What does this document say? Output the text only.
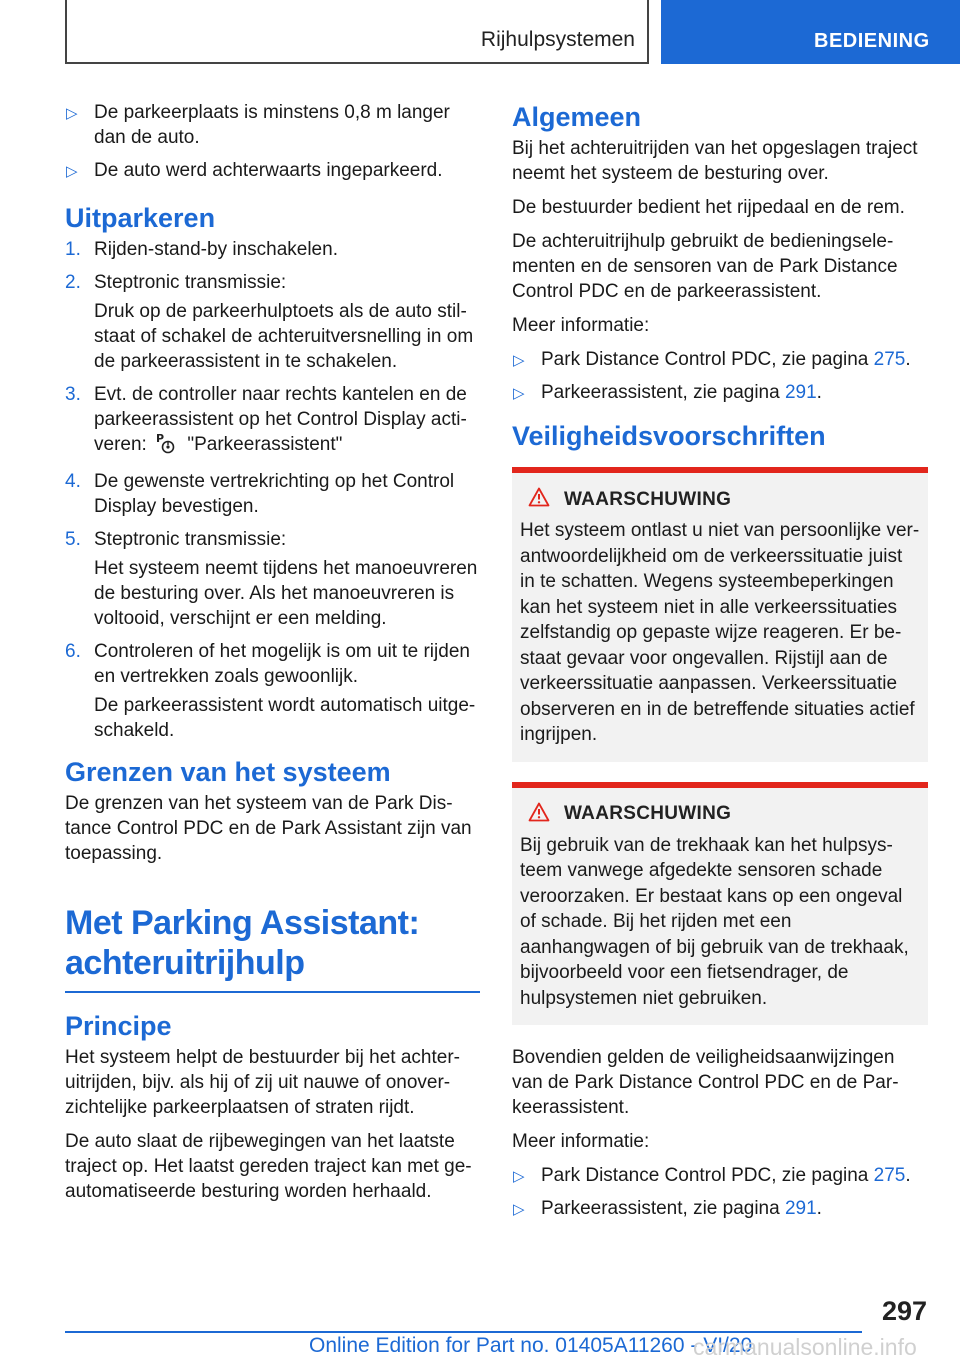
Rijhulpsystemen	BEDIENING
▷ De parkeerplaats is minstens 0,8 m langer dan de auto.
▷ De auto werd achterwaarts ingeparkeerd.
Uitparkeren
1. Rijden-stand-by inschakelen.
2. Steptronic transmissie:
Druk op de parkeerhulptoets als de auto stilstaat of schakel de achteruitversnelling in om de parkeerassistent in te schakelen.
3. Evt. de controller naar rechts kantelen en de parkeerassistent op het Control Display activeren: P "Parkeerassistent"
4. De gewenste vertrekrichting op het Control Display bevestigen.
5. Steptronic transmissie:
Het systeem neemt tijdens het manoeuvreren de besturing over. Als het manoeuvreren is voltooid, verschijnt er een melding.
6. Controleren of het mogelijk is om uit te rijden en vertrekken zoals gewoonlijk.
De parkeerassistent wordt automatisch uitgeschakeld.
Grenzen van het systeem

De grenzen van het systeem van de Park Distance Control PDC en de Park Assistant zijn van toepassing.

Met Parking Assistant:
achteruitrijhulp
Principe

Het systeem helpt de bestuurder bij het achteruitrijden, bijv. als hij of zij uit nauwe of onoverzichtelijke parkeerplaatsen of straten rijdt.

De auto slaat de rijbewegingen van het laatste traject op. Het laatst gereden traject kan met geautomatiseerde besturing worden herhaald.

Algemeen

Bij het achteruitrijden van het opgeslagen traject neemt het systeem de besturing over.

De bestuurder bedient het rijpedaal en de rem.

De achteruitrijhulp gebruikt de bedieningselementen en de sensoren van de Park Distance Control PDC en de parkeerassistent.

Meer informatie:

▷ Park Distance Control PDC, zie pagina 275.
▷ Parkeerassistent, zie pagina 291.
Veiligheidsvoorschriften
WAARSCHUWING

Het systeem ontlast u niet van persoonlijke verantwoordelijkheid om de verkeerssituatie juist in te schatten. Wegens systeembeperkingen kan het systeem niet in alle verkeerssituaties zelfstandig op gepaste wijze reageren. Er bestaat gevaar voor ongevallen. Rijstijl aan de verkeerssituatie aanpassen. Verkeerssituatie observeren en in de betreffende situaties actief ingrijpen.

WAARSCHUWING

Bij gebruik van de trekhaak kan het hulpsysteem vanwege afgedekte sensoren schade veroorzaken. Er bestaat kans op een ongeval of schade. Bij het rijden met een aanhangwagen of bij gebruik van de trekhaak, bijvoorbeeld voor een fietsendrager, de hulpsystemen niet gebruiken.

Bovendien gelden de veiligheidsaanwijzingen van de Park Distance Control PDC en de Parkeerassistent.

Meer informatie:

▷ Park Distance Control PDC, zie pagina 275.
▷ Parkeerassistent, zie pagina 291.
297
Online Edition for Part no. 01405A11260 - VI/20
carmanualsonline.info
